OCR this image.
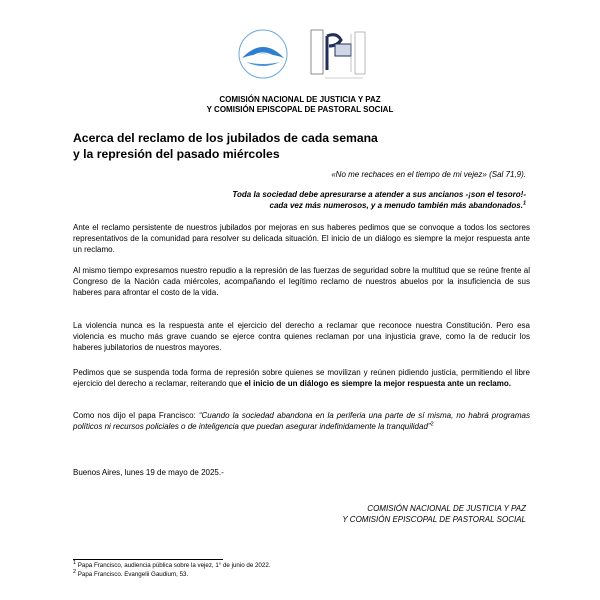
COMISIÓN NACIONAL DE JUSTICIA Y PAZ
Y COMISIÓN EPISCOPAL DE PASTORAL SOCIAL
Acerca del reclamo de los jubilados de cada semana
y la represión del pasado miércoles
«No me rechaces en el tiempo de mi vejez» (Sal 71,9).
Toda la sociedad debe apresurarse a atender a sus ancianos -¡son el tesoro!-
cada vez más numerosos, y a menudo también más abandonados.$^1$
Ante el reclamo persistente de nuestros jubilados por mejoras en sus haberes pedimos que se convoque a todos los sectores representativos de la comunidad para resolver su delicada situación. El inicio de un diálogo es siempre la mejor respuesta ante un reclamo.
Al mismo tiempo expresamos nuestro repudio a la represión de las fuerzas de seguridad sobre la multitud que se reúne frente al Congreso de la Nación cada miércoles, acompañando el legítimo reclamo de nuestros abuelos por la insuficiencia de sus haberes para afrontar el costo de la vida.
La violencia nunca es la respuesta ante el ejercicio del derecho a reclamar que reconoce nuestra Constitución. Pero esa violencia es mucho más grave cuando se ejerce contra quienes reclaman por una injusticia grave, como la de reducir los haberes jubilatorios de nuestros mayores.
Pedimos que se suspenda toda forma de represión sobre quienes se movilizan y reúnen pidiendo justicia, permitiendo el libre ejercicio del derecho a reclamar, reiterando que el inicio de un diálogo es siempre la mejor respuesta ante un reclamo.
Como nos dijo el papa Francisco: “Cuando la sociedad abandona en la periferia una parte de sí misma, no habrá programas políticos ni recursos policiales o de inteligencia que puedan asegurar indefinidamente la tranquilidad”$^2$
Buenos Aires, lunes 19 de mayo de 2025.-
COMISIÓN NACIONAL DE JUSTICIA Y PAZ
Y COMISIÓN EPISCOPAL DE PASTORAL SOCIAL
$^1$ Papa Francisco, audiencia pública sobre la vejez, 1° de junio de 2022.
$^2$ Papa Francisco. Evangelii Gaudium, 53.
